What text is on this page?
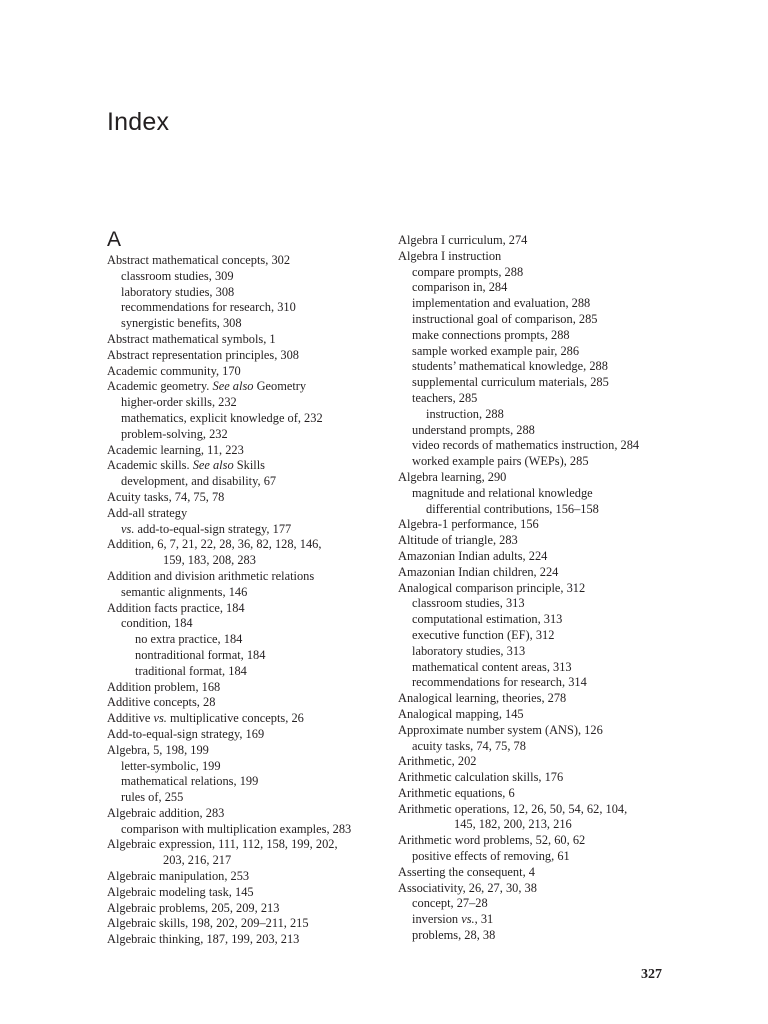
Index
A
Abstract mathematical concepts, 302
classroom studies, 309
laboratory studies, 308
recommendations for research, 310
synergistic benefits, 308
Abstract mathematical symbols, 1
Abstract representation principles, 308
Academic community, 170
Academic geometry. See also Geometry
higher-order skills, 232
mathematics, explicit knowledge of, 232
problem-solving, 232
Academic learning, 11, 223
Academic skills. See also Skills
development, and disability, 67
Acuity tasks, 74, 75, 78
Add-all strategy
vs. add-to-equal-sign strategy, 177
Addition, 6, 7, 21, 22, 28, 36, 82, 128, 146,
159, 183, 208, 283
Addition and division arithmetic relations
semantic alignments, 146
Addition facts practice, 184
condition, 184
no extra practice, 184
nontraditional format, 184
traditional format, 184
Addition problem, 168
Additive concepts, 28
Additive vs. multiplicative concepts, 26
Add-to-equal-sign strategy, 169
Algebra, 5, 198, 199
letter-symbolic, 199
mathematical relations, 199
rules of, 255
Algebraic addition, 283
comparison with multiplication examples, 283
Algebraic expression, 111, 112, 158, 199, 202,
203, 216, 217
Algebraic manipulation, 253
Algebraic modeling task, 145
Algebraic problems, 205, 209, 213
Algebraic skills, 198, 202, 209–211, 215
Algebraic thinking, 187, 199, 203, 213
Algebra I curriculum, 274
Algebra I instruction
compare prompts, 288
comparison in, 284
implementation and evaluation, 288
instructional goal of comparison, 285
make connections prompts, 288
sample worked example pair, 286
students’ mathematical knowledge, 288
supplemental curriculum materials, 285
teachers, 285
instruction, 288
understand prompts, 288
video records of mathematics instruction, 284
worked example pairs (WEPs), 285
Algebra learning, 290
magnitude and relational knowledge
differential contributions, 156–158
Algebra-1 performance, 156
Altitude of triangle, 283
Amazonian Indian adults, 224
Amazonian Indian children, 224
Analogical comparison principle, 312
classroom studies, 313
computational estimation, 313
executive function (EF), 312
laboratory studies, 313
mathematical content areas, 313
recommendations for research, 314
Analogical learning, theories, 278
Analogical mapping, 145
Approximate number system (ANS), 126
acuity tasks, 74, 75, 78
Arithmetic, 202
Arithmetic calculation skills, 176
Arithmetic equations, 6
Arithmetic operations, 12, 26, 50, 54, 62, 104,
145, 182, 200, 213, 216
Arithmetic word problems, 52, 60, 62
positive effects of removing, 61
Asserting the consequent, 4
Associativity, 26, 27, 30, 38
concept, 27–28
inversion vs., 31
problems, 28, 38
327
